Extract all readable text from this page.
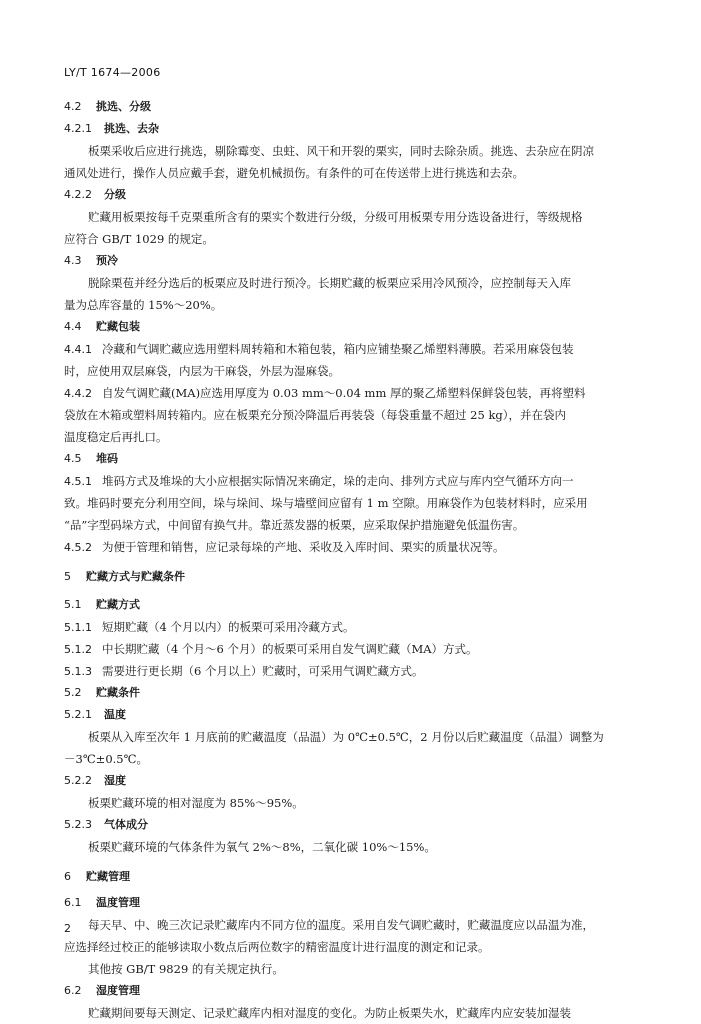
LY/T 1674—2006
4.2 挑选、分级
4.2.1 挑选、去杂
板栗采收后应进行挑选，剔除霉变、虫蛀、风干和开裂的栗实，同时去除杂质。挑选、去杂应在阴凉
通风处进行，操作人员应戴手套，避免机械损伤。有条件的可在传送带上进行挑选和去杂。
4.2.2 分级
贮藏用板栗按每千克栗重所含有的栗实个数进行分级，分级可用板栗专用分选设备进行，等级规格
应符合 GB/T 1029 的规定。
4.3 预冷
脱除栗苞并经分选后的板栗应及时进行预冷。长期贮藏的板栗应采用冷风预冷，应控制每天入库
量为总库容量的 15%～20%。
4.4 贮藏包装
4.4.1 冷藏和气调贮藏应选用塑料周转箱和木箱包装，箱内应铺垫聚乙烯塑料薄膜。若采用麻袋包装
时，应使用双层麻袋，内层为干麻袋，外层为湿麻袋。
4.4.2 自发气调贮藏(MA)应选用厚度为 0.03 mm～0.04 mm 厚的聚乙烯塑料保鲜袋包装，再将塑料
袋放在木箱或塑料周转箱内。应在板栗充分预冷降温后再装袋（每袋重量不超过 25 kg），并在袋内
温度稳定后再扎口。
4.5 堆码
4.5.1 堆码方式及堆垛的大小应根据实际情况来确定，垛的走向、排列方式应与库内空气循环方向一
致。堆码时要充分利用空间，垛与垛间、垛与墙壁间应留有 1 m 空隙。用麻袋作为包装材料时，应采用
“品”字型码垛方式，中间留有换气井。靠近蒸发器的板栗，应采取保护措施避免低温伤害。
4.5.2 为便于管理和销售，应记录每垛的产地、采收及入库时间、栗实的质量状况等。
5 贮藏方式与贮藏条件
5.1 贮藏方式
5.1.1 短期贮藏（4 个月以内）的板栗可采用冷藏方式。
5.1.2 中长期贮藏（4 个月～6 个月）的板栗可采用自发气调贮藏（MA）方式。
5.1.3 需要进行更长期（6 个月以上）贮藏时，可采用气调贮藏方式。
5.2 贮藏条件
5.2.1 温度
板栗从入库至次年 1 月底前的贮藏温度（品温）为 0℃±0.5℃，2 月份以后贮藏温度（品温）调整为
－3℃±0.5℃。
5.2.2 湿度
板栗贮藏环境的相对湿度为 85%～95%。
5.2.3 气体成分
板栗贮藏环境的气体条件为氧气 2%～8%，二氧化碳 10%～15%。
6 贮藏管理
6.1 温度管理
每天早、中、晚三次记录贮藏库内不同方位的温度。采用自发气调贮藏时，贮藏温度应以品温为准，
应选择经过校正的能够读取小数点后两位数字的精密温度计进行温度的测定和记录。
其他按 GB/T 9829 的有关规定执行。
6.2 湿度管理
贮藏期间要每天测定、记录贮藏库内相对湿度的变化。为防止板栗失水，贮藏库内应安装加湿装
2
